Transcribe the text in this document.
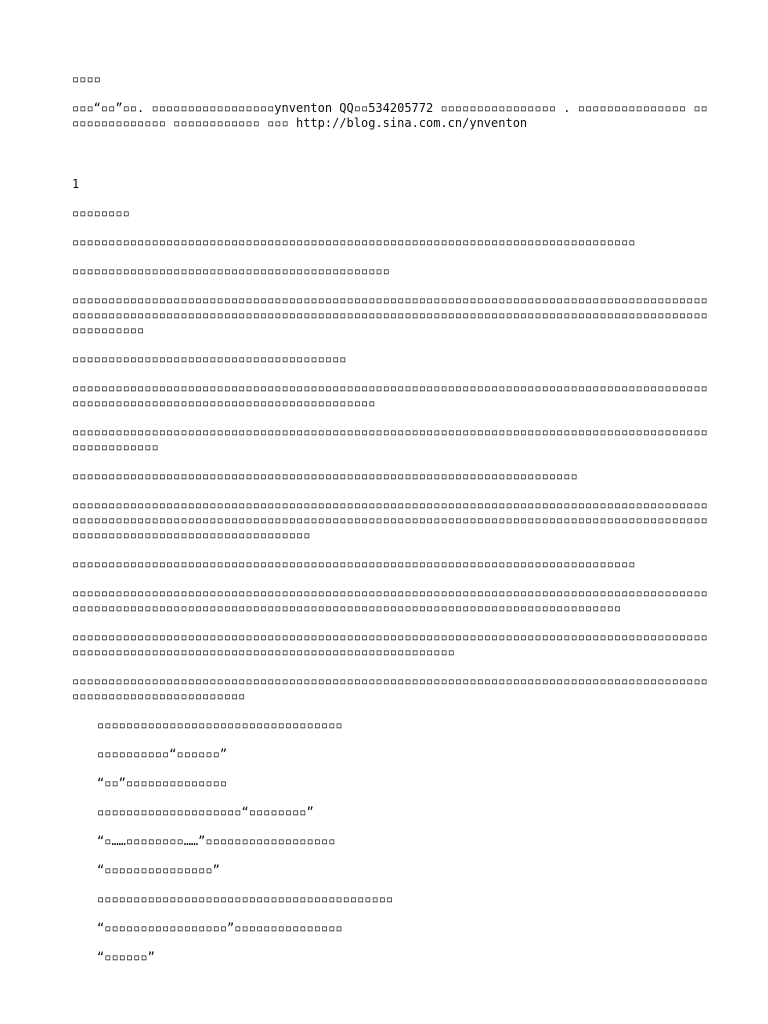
▫▫▫▫

▫▫▫“▫▫”▫▫. ▫▫▫▫▫▫▫▫▫▫▫▫▫▫▫▫▫ynventon QQ▫▫534205772 ▫▫▫▫▫▫▫▫▫▫▫▫▫▫▫▫ . ▫▫▫▫▫▫▫▫▫▫▫▫▫▫▫ ▫▫▫▫▫▫▫▫▫▫▫▫▫▫▫ ▫▫▫▫▫▫▫▫▫▫▫▫ ▫▫▫ http://blog.sina.com.cn/ynventon

1

▫▫▫▫▫▫▫▫

▫▫▫▫▫▫▫▫▫▫▫▫▫▫▫▫▫▫▫▫▫▫▫▫▫▫▫▫▫▫▫▫▫▫▫▫▫▫▫▫▫▫▫▫▫▫▫▫▫▫▫▫▫▫▫▫▫▫▫▫▫▫▫▫▫▫▫▫▫▫▫▫▫▫▫▫▫▫

▫▫▫▫▫▫▫▫▫▫▫▫▫▫▫▫▫▫▫▫▫▫▫▫▫▫▫▫▫▫▫▫▫▫▫▫▫▫▫▫▫▫▫▫

▫▫▫▫▫▫▫▫▫▫▫▫▫▫▫▫▫▫▫▫▫▫▫▫▫▫▫▫▫▫▫▫▫▫▫▫▫▫▫▫▫▫▫▫▫▫▫▫▫▫▫▫▫▫▫▫▫▫▫▫▫▫▫▫▫▫▫▫▫▫▫▫▫▫▫▫▫▫▫▫▫▫▫▫▫▫▫▫▫▫▫▫▫▫▫▫▫▫▫▫▫▫▫▫▫▫▫▫▫▫▫▫▫▫▫▫▫▫▫▫▫▫▫▫▫▫▫▫▫▫▫▫▫▫▫▫▫▫▫▫▫▫▫▫▫▫▫▫▫▫▫▫▫▫▫▫▫▫▫▫▫▫▫▫▫▫▫▫▫▫▫▫▫▫▫▫▫▫▫▫▫▫▫▫▫▫

▫▫▫▫▫▫▫▫▫▫▫▫▫▫▫▫▫▫▫▫▫▫▫▫▫▫▫▫▫▫▫▫▫▫▫▫▫▫

▫▫▫▫▫▫▫▫▫▫▫▫▫▫▫▫▫▫▫▫▫▫▫▫▫▫▫▫▫▫▫▫▫▫▫▫▫▫▫▫▫▫▫▫▫▫▫▫▫▫▫▫▫▫▫▫▫▫▫▫▫▫▫▫▫▫▫▫▫▫▫▫▫▫▫▫▫▫▫▫▫▫▫▫▫▫▫▫▫▫▫▫▫▫▫▫▫▫▫▫▫▫▫▫▫▫▫▫▫▫▫▫▫▫▫▫▫▫▫▫▫▫▫▫▫▫▫▫▫▫

▫▫▫▫▫▫▫▫▫▫▫▫▫▫▫▫▫▫▫▫▫▫▫▫▫▫▫▫▫▫▫▫▫▫▫▫▫▫▫▫▫▫▫▫▫▫▫▫▫▫▫▫▫▫▫▫▫▫▫▫▫▫▫▫▫▫▫▫▫▫▫▫▫▫▫▫▫▫▫▫▫▫▫▫▫▫▫▫▫▫▫▫▫▫▫▫▫▫▫▫

▫▫▫▫▫▫▫▫▫▫▫▫▫▫▫▫▫▫▫▫▫▫▫▫▫▫▫▫▫▫▫▫▫▫▫▫▫▫▫▫▫▫▫▫▫▫▫▫▫▫▫▫▫▫▫▫▫▫▫▫▫▫▫▫▫▫▫▫▫▫

▫▫▫▫▫▫▫▫▫▫▫▫▫▫▫▫▫▫▫▫▫▫▫▫▫▫▫▫▫▫▫▫▫▫▫▫▫▫▫▫▫▫▫▫▫▫▫▫▫▫▫▫▫▫▫▫▫▫▫▫▫▫▫▫▫▫▫▫▫▫▫▫▫▫▫▫▫▫▫▫▫▫▫▫▫▫▫▫▫▫▫▫▫▫▫▫▫▫▫▫▫▫▫▫▫▫▫▫▫▫▫▫▫▫▫▫▫▫▫▫▫▫▫▫▫▫▫▫▫▫▫▫▫▫▫▫▫▫▫▫▫▫▫▫▫▫▫▫▫▫▫▫▫▫▫▫▫▫▫▫▫▫▫▫▫▫▫▫▫▫▫▫▫▫▫▫▫▫▫▫▫▫▫▫▫▫▫▫▫▫▫▫▫▫▫▫▫▫▫▫▫▫▫▫▫▫▫▫▫

▫▫▫▫▫▫▫▫▫▫▫▫▫▫▫▫▫▫▫▫▫▫▫▫▫▫▫▫▫▫▫▫▫▫▫▫▫▫▫▫▫▫▫▫▫▫▫▫▫▫▫▫▫▫▫▫▫▫▫▫▫▫▫▫▫▫▫▫▫▫▫▫▫▫▫▫▫▫

▫▫▫▫▫▫▫▫▫▫▫▫▫▫▫▫▫▫▫▫▫▫▫▫▫▫▫▫▫▫▫▫▫▫▫▫▫▫▫▫▫▫▫▫▫▫▫▫▫▫▫▫▫▫▫▫▫▫▫▫▫▫▫▫▫▫▫▫▫▫▫▫▫▫▫▫▫▫▫▫▫▫▫▫▫▫▫▫▫▫▫▫▫▫▫▫▫▫▫▫▫▫▫▫▫▫▫▫▫▫▫▫▫▫▫▫▫▫▫▫▫▫▫▫▫▫▫▫▫▫▫▫▫▫▫▫▫▫▫▫▫▫▫▫▫▫▫▫▫▫▫▫▫▫▫▫▫▫▫▫▫▫▫▫

▫▫▫▫▫▫▫▫▫▫▫▫▫▫▫▫▫▫▫▫▫▫▫▫▫▫▫▫▫▫▫▫▫▫▫▫▫▫▫▫▫▫▫▫▫▫▫▫▫▫▫▫▫▫▫▫▫▫▫▫▫▫▫▫▫▫▫▫▫▫▫▫▫▫▫▫▫▫▫▫▫▫▫▫▫▫▫▫▫▫▫▫▫▫▫▫▫▫▫▫▫▫▫▫▫▫▫▫▫▫▫▫▫▫▫▫▫▫▫▫▫▫▫▫▫▫▫▫▫▫▫▫▫▫▫▫▫▫▫▫▫

▫▫▫▫▫▫▫▫▫▫▫▫▫▫▫▫▫▫▫▫▫▫▫▫▫▫▫▫▫▫▫▫▫▫▫▫▫▫▫▫▫▫▫▫▫▫▫▫▫▫▫▫▫▫▫▫▫▫▫▫▫▫▫▫▫▫▫▫▫▫▫▫▫▫▫▫▫▫▫▫▫▫▫▫▫▫▫▫▫▫▫▫▫▫▫▫▫▫▫▫▫▫▫▫▫▫▫▫▫▫▫▫

▫▫▫▫▫▫▫▫▫▫▫▫▫▫▫▫▫▫▫▫▫▫▫▫▫▫▫▫▫▫▫▫▫▫

▫▫▫▫▫▫▫▫▫▫“▫▫▫▫▫▫”

“▫▫”▫▫▫▫▫▫▫▫▫▫▫▫▫▫

▫▫▫▫▫▫▫▫▫▫▫▫▫▫▫▫▫▫▫▫“▫▫▫▫▫▫▫▫”

“▫……▫▫▫▫▫▫▫▫……”▫▫▫▫▫▫▫▫▫▫▫▫▫▫▫▫▫▫

“▫▫▫▫▫▫▫▫▫▫▫▫▫▫▫”

▫▫▫▫▫▫▫▫▫▫▫▫▫▫▫▫▫▫▫▫▫▫▫▫▫▫▫▫▫▫▫▫▫▫▫▫▫▫▫▫▫

“▫▫▫▫▫▫▫▫▫▫▫▫▫▫▫▫▫”▫▫▫▫▫▫▫▫▫▫▫▫▫▫▫

“▫▫▫▫▫▫”
